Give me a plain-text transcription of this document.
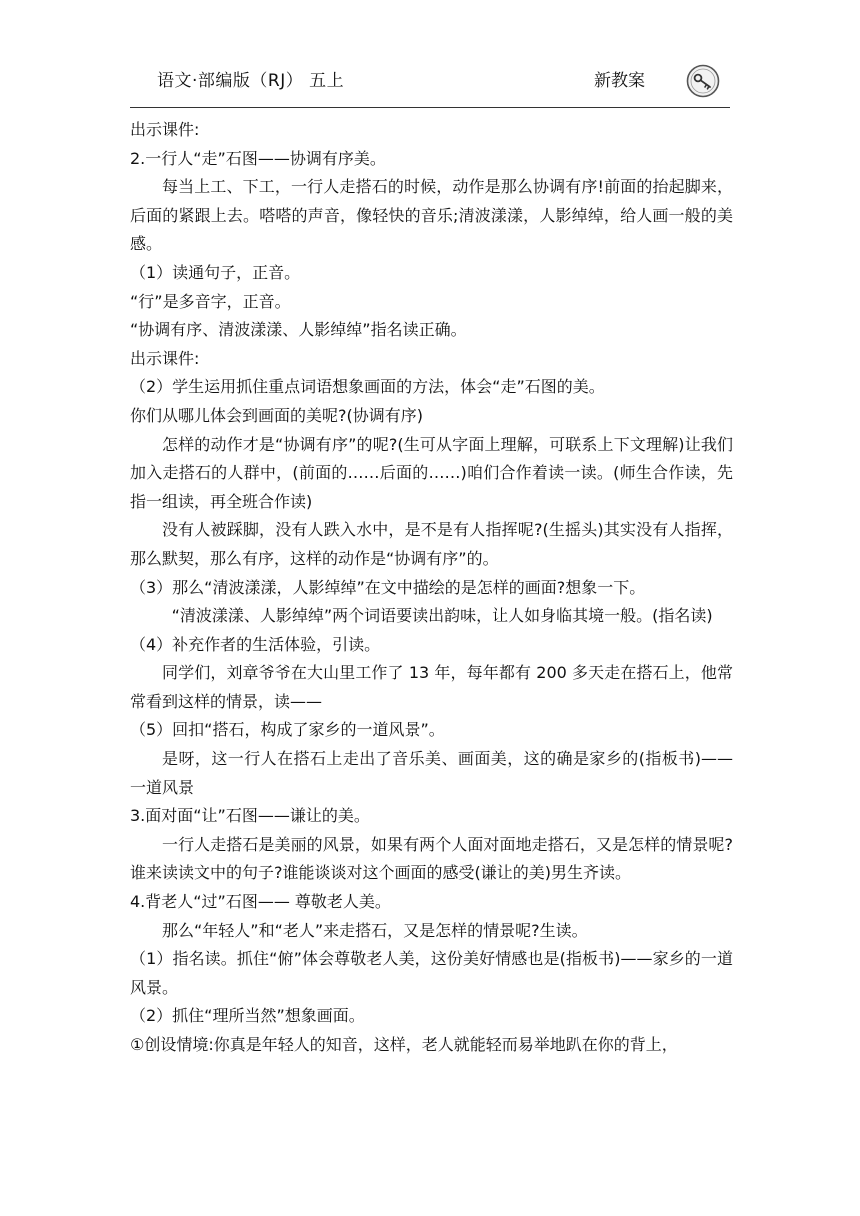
语文·部编版（RJ） 五上	新教案

出示课件:

2.一行人“走”石图——协调有序美。

每当上工、下工，一行人走搭石的时候，动作是那么协调有序!前面的抬起脚来，后面的紧跟上去。嗒嗒的声音，像轻快的音乐;清波漾漾，人影绰绰，给人画一般的美感。

（1）读通句子，正音。

“行”是多音字，正音。

“协调有序、清波漾漾、人影绰绰”指名读正确。

出示课件:

（2）学生运用抓住重点词语想象画面的方法，体会“走”石图的美。

你们从哪儿体会到画面的美呢?(协调有序)

怎样的动作才是“协调有序”的呢?(生可从字面上理解，可联系上下文理解)让我们加入走搭石的人群中，(前面的……后面的……)咱们合作着读一读。(师生合作读，先指一组读，再全班合作读)

没有人被踩脚，没有人跌入水中，是不是有人指挥呢?(生摇头)其实没有人指挥，那么默契，那么有序，这样的动作是“协调有序”的。

（3）那么“清波漾漾，人影绰绰”在文中描绘的是怎样的画面?想象一下。

“清波漾漾、人影绰绰”两个词语要读出韵味，让人如身临其境一般。(指名读)

（4）补充作者的生活体验，引读。

同学们，刘章爷爷在大山里工作了 13 年，每年都有 200 多天走在搭石上，他常常看到这样的情景，读——

（5）回扣“搭石，构成了家乡的一道风景”。

是呀，这一行人在搭石上走出了音乐美、画面美，这的确是家乡的(指板书)——一道风景

3.面对面“让”石图——谦让的美。

一行人走搭石是美丽的风景，如果有两个人面对面地走搭石，又是怎样的情景呢?谁来读读文中的句子?谁能谈谈对这个画面的感受(谦让的美)男生齐读。

4.背老人“过”石图—— 尊敬老人美。

那么“年轻人”和“老人”来走搭石，又是怎样的情景呢?生读。

（1）指名读。抓住“俯”体会尊敬老人美，这份美好情感也是(指板书)——家乡的一道风景。

（2）抓住“理所当然”想象画面。

①创设情境:你真是年轻人的知音，这样，老人就能轻而易举地趴在你的背上，
